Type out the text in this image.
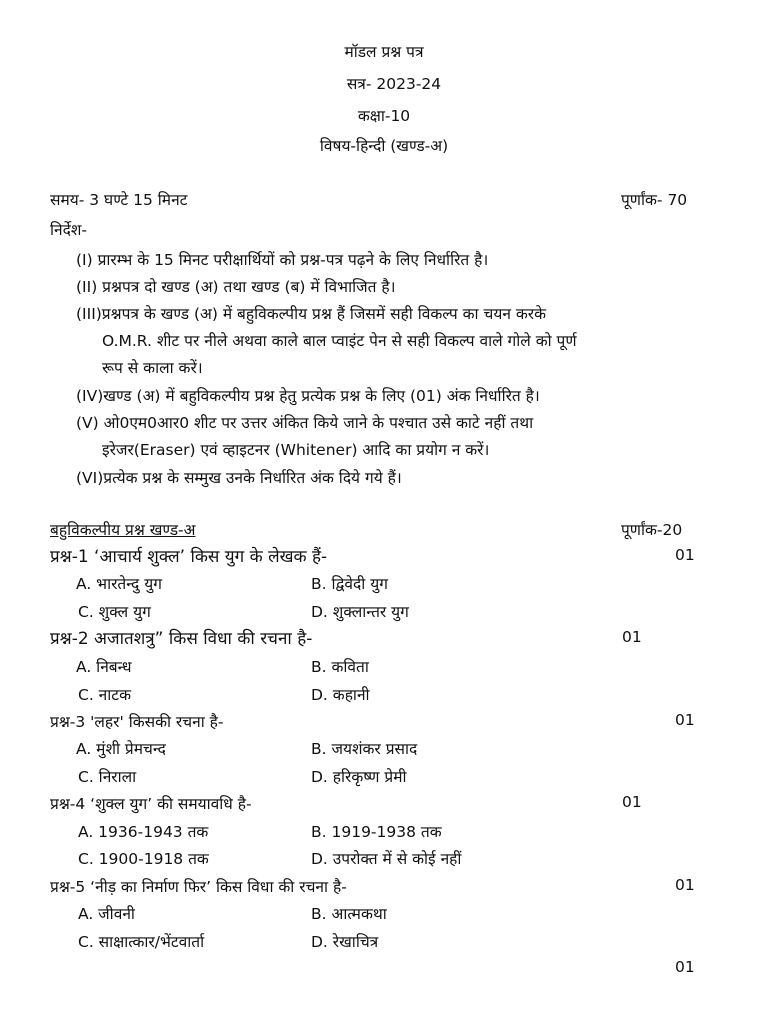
मॉडल प्रश्न पत्र
सत्र- 2023-24
कक्षा-10
विषय-हिन्दी (खण्ड-अ)
समय- 3 घण्टे 15 मिनट	पूर्णांक- 70
निर्देश-
(I) प्रारम्भ के 15 मिनट परीक्षार्थियों को प्रश्न-पत्र पढ़ने के लिए निर्धारित है।
(II) प्रश्नपत्र दो खण्ड (अ) तथा खण्ड (ब) में विभाजित है।
(III)प्रश्नपत्र के खण्ड (अ) में बहुविकल्पीय प्रश्न हैं जिसमें सही विकल्प का चयन करके
O.M.R. शीट पर नीले अथवा काले बाल प्वाइंट पेन से सही विकल्प वाले गोले को पूर्ण
रूप से काला करें।
(IV)खण्ड (अ) में बहुविकल्पीय प्रश्न हेतु प्रत्येक प्रश्न के लिए (01) अंक निर्धारित है।
(V) ओ0एम0आर0 शीट पर उत्तर अंकित किये जाने के पश्चात उसे काटे नहीं तथा
इरेजर(Eraser) एवं व्हाइटनर (Whitener) आदि का प्रयोग न करें।
(VI)प्रत्येक प्रश्न के सम्मुख उनके निर्धारित अंक दिये गये हैं।
बहुविकल्पीय प्रश्न खण्ड-अ	पूर्णांक-20
प्रश्न-1 ‘आचार्य शुक्ल’ किस युग के लेखक हैं-	01
A. भारतेन्दु युग	B. द्विवेदी युग
C. शुक्ल युग	D. शुक्लान्तर युग
प्रश्न-2 अजातशत्रु” किस विधा की रचना है-	01
A. निबन्ध	B. कविता
C. नाटक	D. कहानी
प्रश्न-3 'लहर' किसकी रचना है-	01
A. मुंशी प्रेमचन्द	B. जयशंकर प्रसाद
C. निराला	D. हरिकृष्ण प्रेमी
प्रश्न-4 ‘शुक्ल युग’ की समयावधि है-	01
A. 1936-1943 तक	B. 1919-1938 तक
C. 1900-1918 तक	D. उपरोक्त में से कोई नहीं
प्रश्न-5 ‘नीड़ का निर्माण फिर’ किस विधा की रचना है-	01
A. जीवनी	B. आत्मकथा
C. साक्षात्कार/भेंटवार्ता	D. रेखाचित्र
01
